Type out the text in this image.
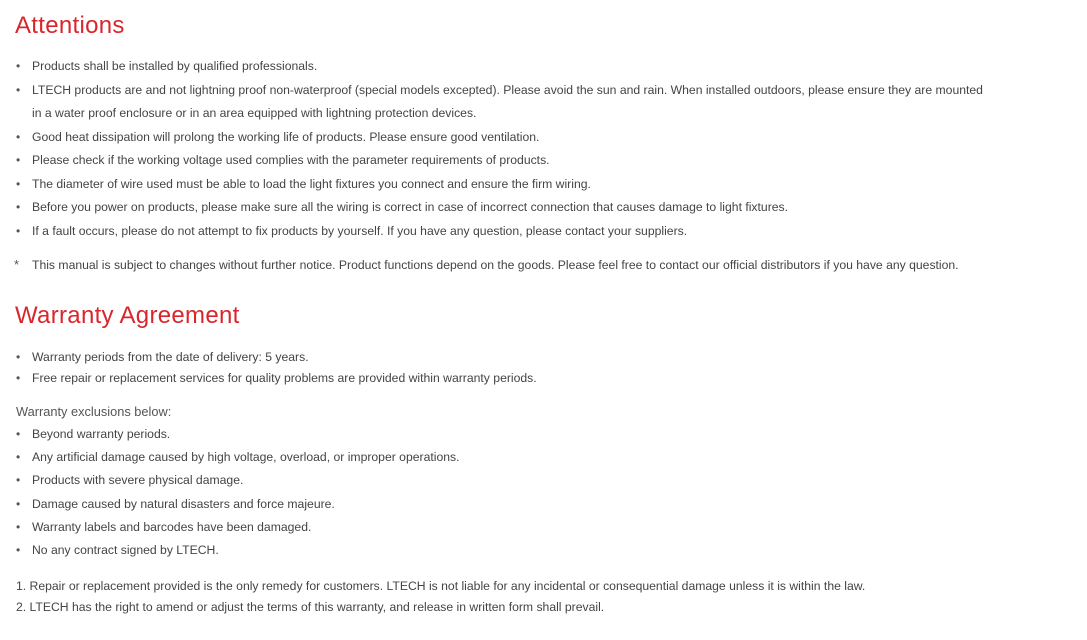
Attentions
• Products shall be installed by qualified professionals.
• LTECH products are and not lightning proof non-waterproof (special models excepted). Please avoid the sun and rain. When installed outdoors, please ensure they are mounted
in a water proof enclosure or in an area equipped with lightning protection devices.
• Good heat dissipation will prolong the working life of products. Please ensure good ventilation.
• Please check if the working voltage used complies with the parameter requirements of products.
• The diameter of wire used must be able to load the light fixtures you connect and ensure the firm wiring.
• Before you power on products, please make sure all the wiring is correct in case of incorrect connection that causes damage to light fixtures.
• If a fault occurs, please do not attempt to fix products by yourself. If you have any question, please contact your suppliers.
* This manual is subject to changes without further notice. Product functions depend on the goods. Please feel free to contact our official distributors if you have any question.
Warranty Agreement
• Warranty periods from the date of delivery: 5 years.
• Free repair or replacement services for quality problems are provided within warranty periods.
Warranty exclusions below:
• Beyond warranty periods.
• Any artificial damage caused by high voltage, overload, or improper operations.
• Products with severe physical damage.
• Damage caused by natural disasters and force majeure.
• Warranty labels and barcodes have been damaged.
• No any contract signed by LTECH.
1. Repair or replacement provided is the only remedy for customers. LTECH is not liable for any incidental or consequential damage unless it is within the law.
2. LTECH has the right to amend or adjust the terms of this warranty, and release in written form shall prevail.
